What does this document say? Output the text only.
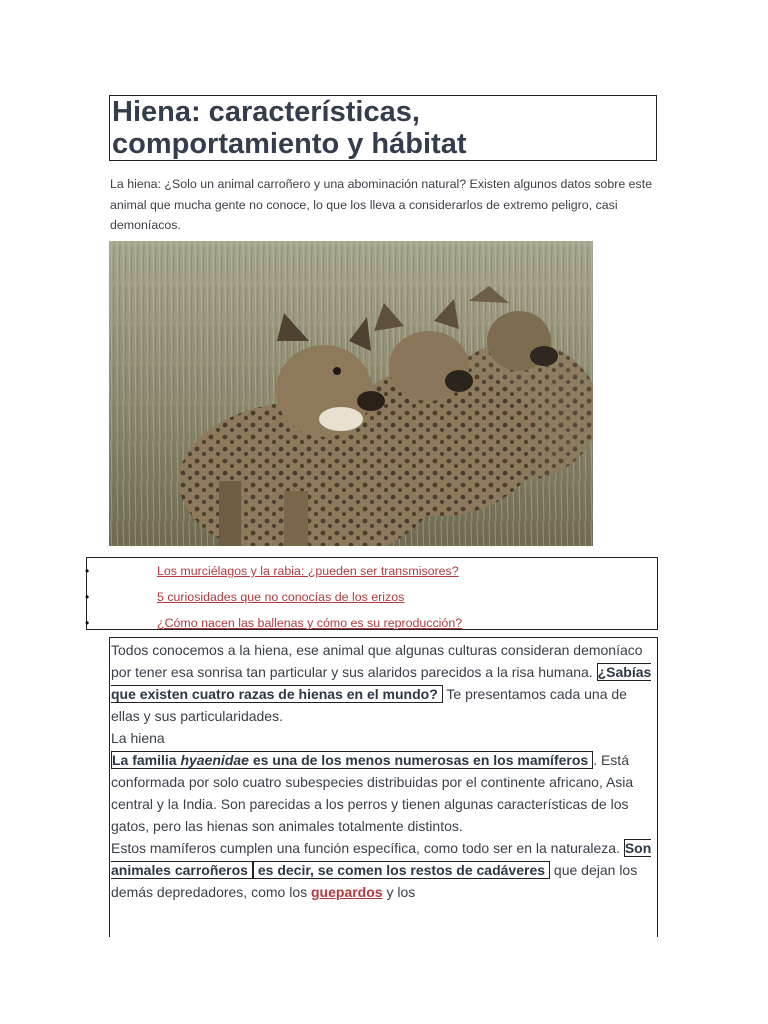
Hiena: características, comportamiento y hábitat

La hiena: ¿Solo un animal carroñero y una abominación natural? Existen algunos datos sobre este animal que mucha gente no conoce, lo que los lleva a considerarlos de extremo peligro, casi demoníacos.

•	Los murciélagos y la rabia: ¿pueden ser transmisores?
•	5 curiosidades que no conocías de los erizos
•	¿Cómo nacen las ballenas y cómo es su reproducción?

Todos conocemos a la hiena, ese animal que algunas culturas consideran demoníaco por tener esa sonrisa tan particular y sus alaridos parecidos a la risa humana. ¿Sabías que existen cuatro razas de hienas en el mundo? Te presentamos cada una de ellas y sus particularidades.

La hiena

La familia hyaenidae es una de los menos numerosas en los mamíferos . Está conformada por solo cuatro subespecies distribuidas por el continente africano, Asia central y la India. Son parecidas a los perros y tienen algunas características de los gatos, pero las hienas son animales totalmente distintos.

Estos mamíferos cumplen una función específica, como todo ser en la naturaleza. Son animales carroñeros es decir, se comen los restos de cadáveres que dejan los demás depredadores, como los guepardos y los
